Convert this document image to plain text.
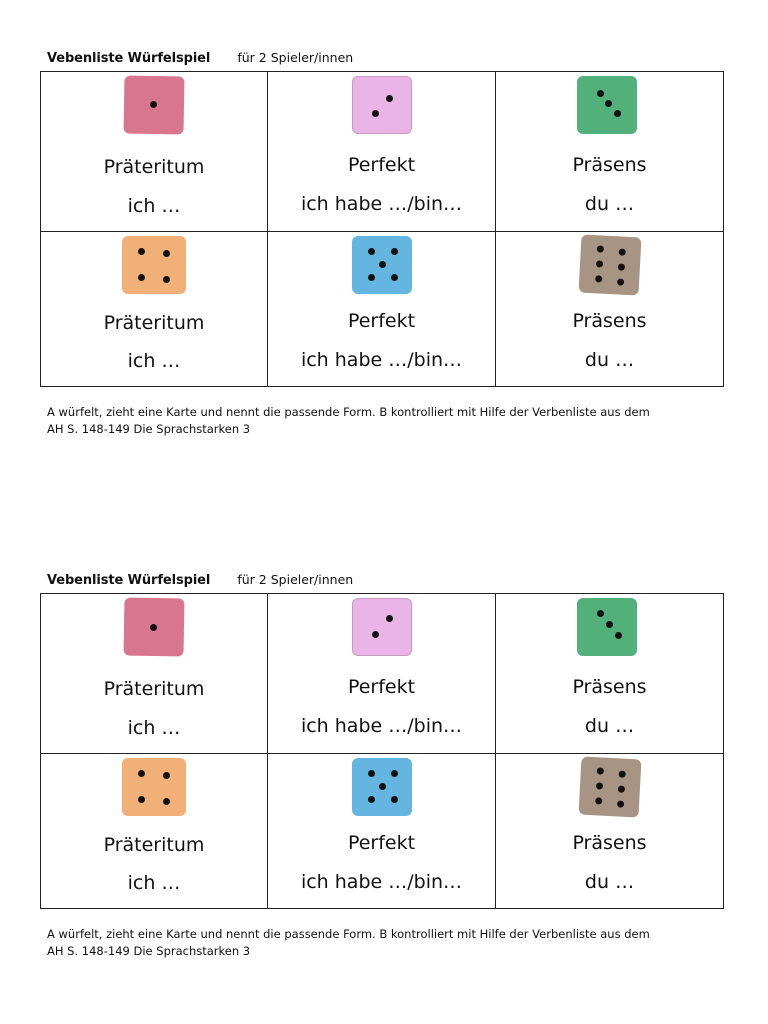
Vebenliste Würfelspiel für 2 Spieler/innen
Präteritum
ich …
Perfekt
ich habe …/bin…
Präsens
du …
Präteritum
ich …
Perfekt
ich habe …/bin…
Präsens
du …
A würfelt, zieht eine Karte und nennt die passende Form. B kontrolliert mit Hilfe der Verbenliste aus dem
AH S. 148-149 Die Sprachstarken 3
Vebenliste Würfelspiel für 2 Spieler/innen
Präteritum
ich …
Perfekt
ich habe …/bin…
Präsens
du …
Präteritum
ich …
Perfekt
ich habe …/bin…
Präsens
du …
A würfelt, zieht eine Karte und nennt die passende Form. B kontrolliert mit Hilfe der Verbenliste aus dem
AH S. 148-149 Die Sprachstarken 3
